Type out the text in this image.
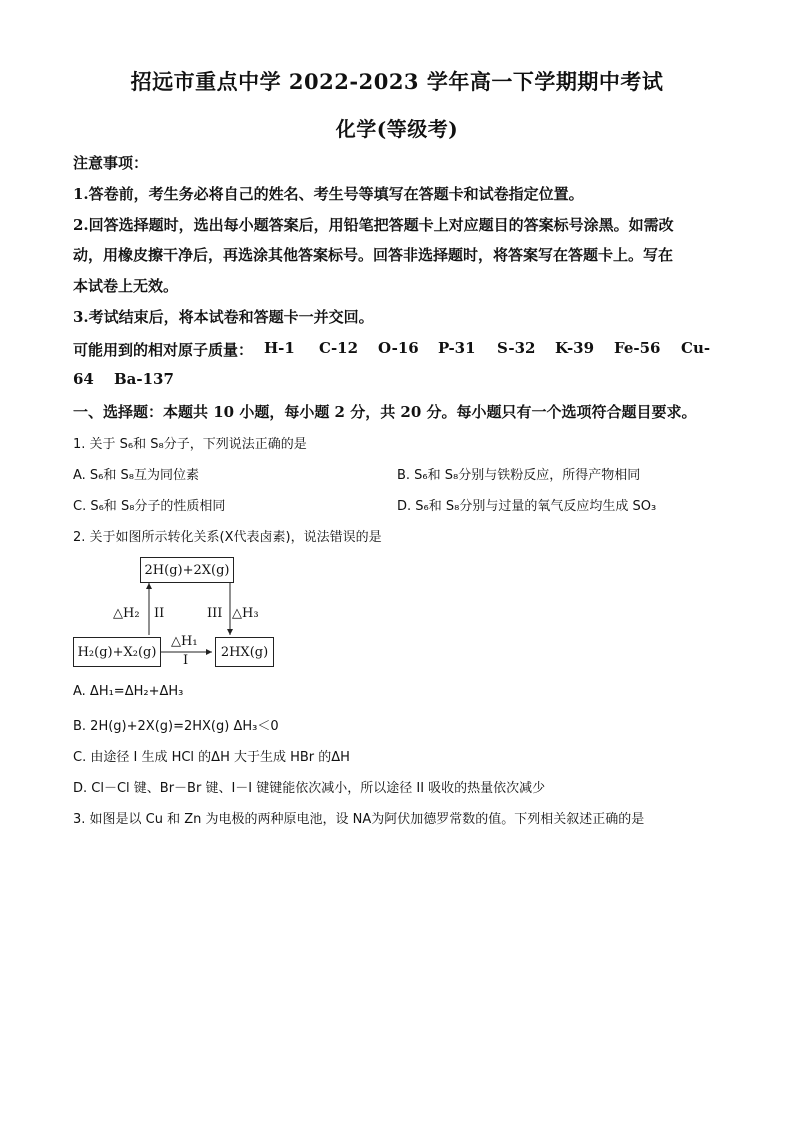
招远市重点中学 2022-2023 学年高一下学期期中考试
化学(等级考)
注意事项：
1.答卷前，考生务必将自己的姓名、考生号等填写在答题卡和试卷指定位置。
2.回答选择题时，选出每小题答案后，用铅笔把答题卡上对应题目的答案标号涂黑。如需改
动，用橡皮擦干净后，再选涂其他答案标号。回答非选择题时，将答案写在答题卡上。写在
本试卷上无效。
3.考试结束后，将本试卷和答题卡一并交回。
可能用到的相对原子质量： H-1 C-12 O-16 P-31 S-32 K-39 Fe-56 Cu-
64 Ba-137
一、选择题：本题共 10 小题，每小题 2 分，共 20 分。每小题只有一个选项符合题目要求。
1. 关于 S₆和 S₈分子，下列说法正确的是
A. S₆和 S₈互为同位素	B. S₆和 S₈分别与铁粉反应，所得产物相同
C. S₆和 S₈分子的性质相同	D. S₆和 S₈分别与过量的氧气反应均生成 SO₃
2. 关于如图所示转化关系(X代表卤素)，说法错误的是
2H(g)+2X(g)
H₂(g)+X₂(g)	2HX(g)
△H₂ II	III △H₃
△H₁
I
A. ΔH₁=ΔH₂+ΔH₃
B. 2H(g)+2X(g)=2HX(g) ΔH₃＜0
C. 由途径 I 生成 HCl 的ΔH 大于生成 HBr 的ΔH
D. Cl－Cl 键、Br－Br 键、I－I 键键能依次减小，所以途径 II 吸收的热量依次减少
3. 如图是以 Cu 和 Zn 为电极的两种原电池，设 NA为阿伏加德罗常数的值。下列相关叙述正确的是
